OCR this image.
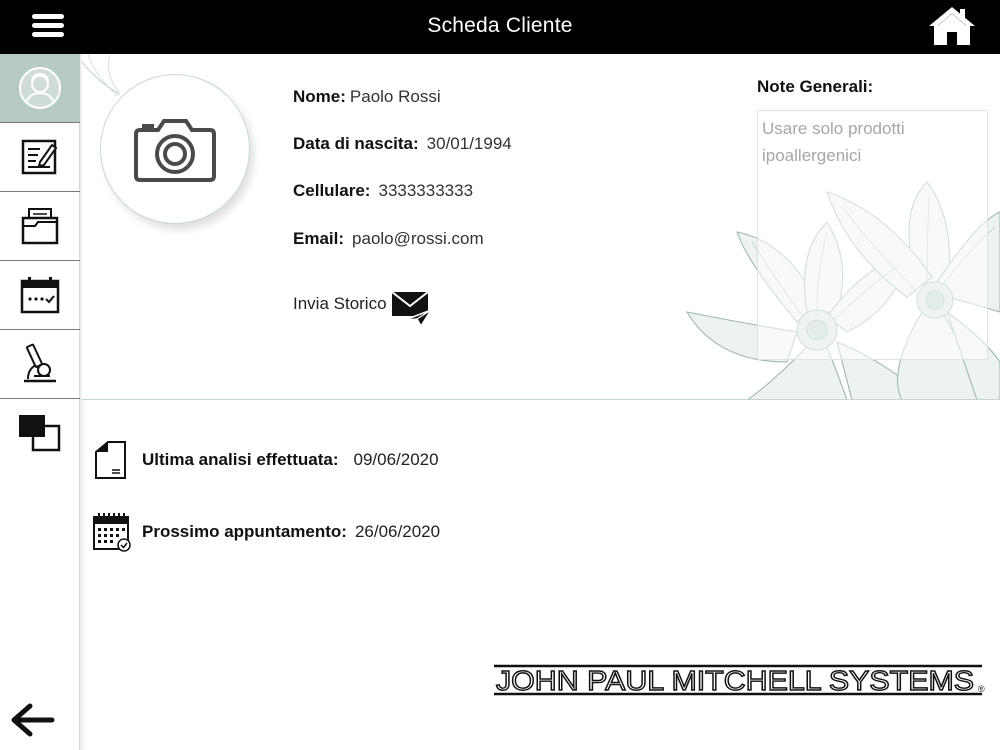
Scheda Cliente
Nome: Paolo Rossi
Data di nascita: 30/01/1994
Cellulare: 3333333333
Email: paolo@rossi.com
Invia Storico
Note Generali:
Usare solo prodotti ipoallergenici
Ultima analisi effettuata: 09/06/2020
Prossimo appuntamento: 26/06/2020
JOHN PAUL MITCHELL SYSTEMS ®
